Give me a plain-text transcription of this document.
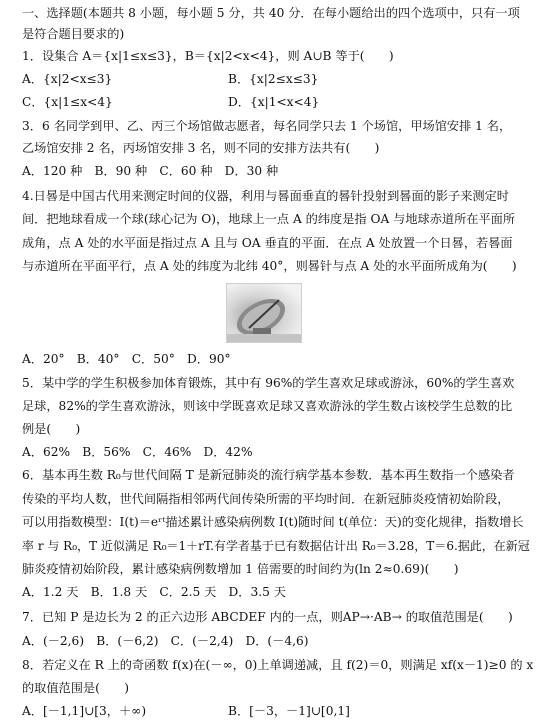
一、选择题(本题共 8 小题，每小题 5 分，共 40 分．在每小题给出的四个选项中，只有一项
是符合题目要求的)
1．设集合 A＝{x|1≤x≤3}，B＝{x|2<x<4}，则 A∪B 等于(　　)
A．{x|2<x≤3}	B．{x|2≤x≤3}
C．{x|1≤x<4}	D．{x|1<x<4}
3．6 名同学到甲、乙、丙三个场馆做志愿者，每名同学只去 1 个场馆，甲场馆安排 1 名，
乙场馆安排 2 名，丙场馆安排 3 名，则不同的安排方法共有(　　)
A．120 种　B．90 种　C．60 种　D．30 种
4.日晷是中国古代用来测定时间的仪器，利用与晷面垂直的晷针投射到晷面的影子来测定时
间．把地球看成一个球(球心记为 O)，地球上一点 A 的纬度是指 OA 与地球赤道所在平面所
成角，点 A 处的水平面是指过点 A 且与 OA 垂直的平面．在点 A 处放置一个日晷，若晷面
与赤道所在平面平行，点 A 处的纬度为北纬 40°，则晷针与点 A 处的水平面所成角为(　　)
A．20°　B．40°　C．50°　D．90°
5．某中学的学生积极参加体育锻炼，其中有 96%的学生喜欢足球或游泳，60%的学生喜欢
足球，82%的学生喜欢游泳，则该中学既喜欢足球又喜欢游泳的学生数占该校学生总数的比
例是(　　)
A．62%　B．56%　C．46%　D．42%
6．基本再生数 R₀与世代间隔 T 是新冠肺炎的流行病学基本参数．基本再生数指一个感染者
传染的平均人数，世代间隔指相邻两代间传染所需的平均时间．在新冠肺炎疫情初始阶段，
可以用指数模型：I(t)＝eʳᵗ描述累计感染病例数 I(t)随时间 t(单位：天)的变化规律，指数增长
率 r 与 R₀，T 近似满足 R₀＝1＋rT.有学者基于已有数据估计出 R₀＝3.28，T＝6.据此，在新冠
肺炎疫情初始阶段，累计感染病例数增加 1 倍需要的时间约为(ln 2≈0.69)(　　)
A．1.2 天　B．1.8 天　C．2.5 天　D．3.5 天
7．已知 P 是边长为 2 的正六边形 ABCDEF 内的一点，则AP→·AB→ 的取值范围是(　　)
A．(－2,6)　B．(－6,2)　C．(－2,4)　D．(－4,6)
8．若定义在 R 上的奇函数 f(x)在(－∞，0)上单调递减，且 f(2)＝0，则满足 xf(x－1)≥0 的 x
的取值范围是(　　)
A．[－1,1]∪[3，＋∞)	B．[－3，－1]∪[0,1]
